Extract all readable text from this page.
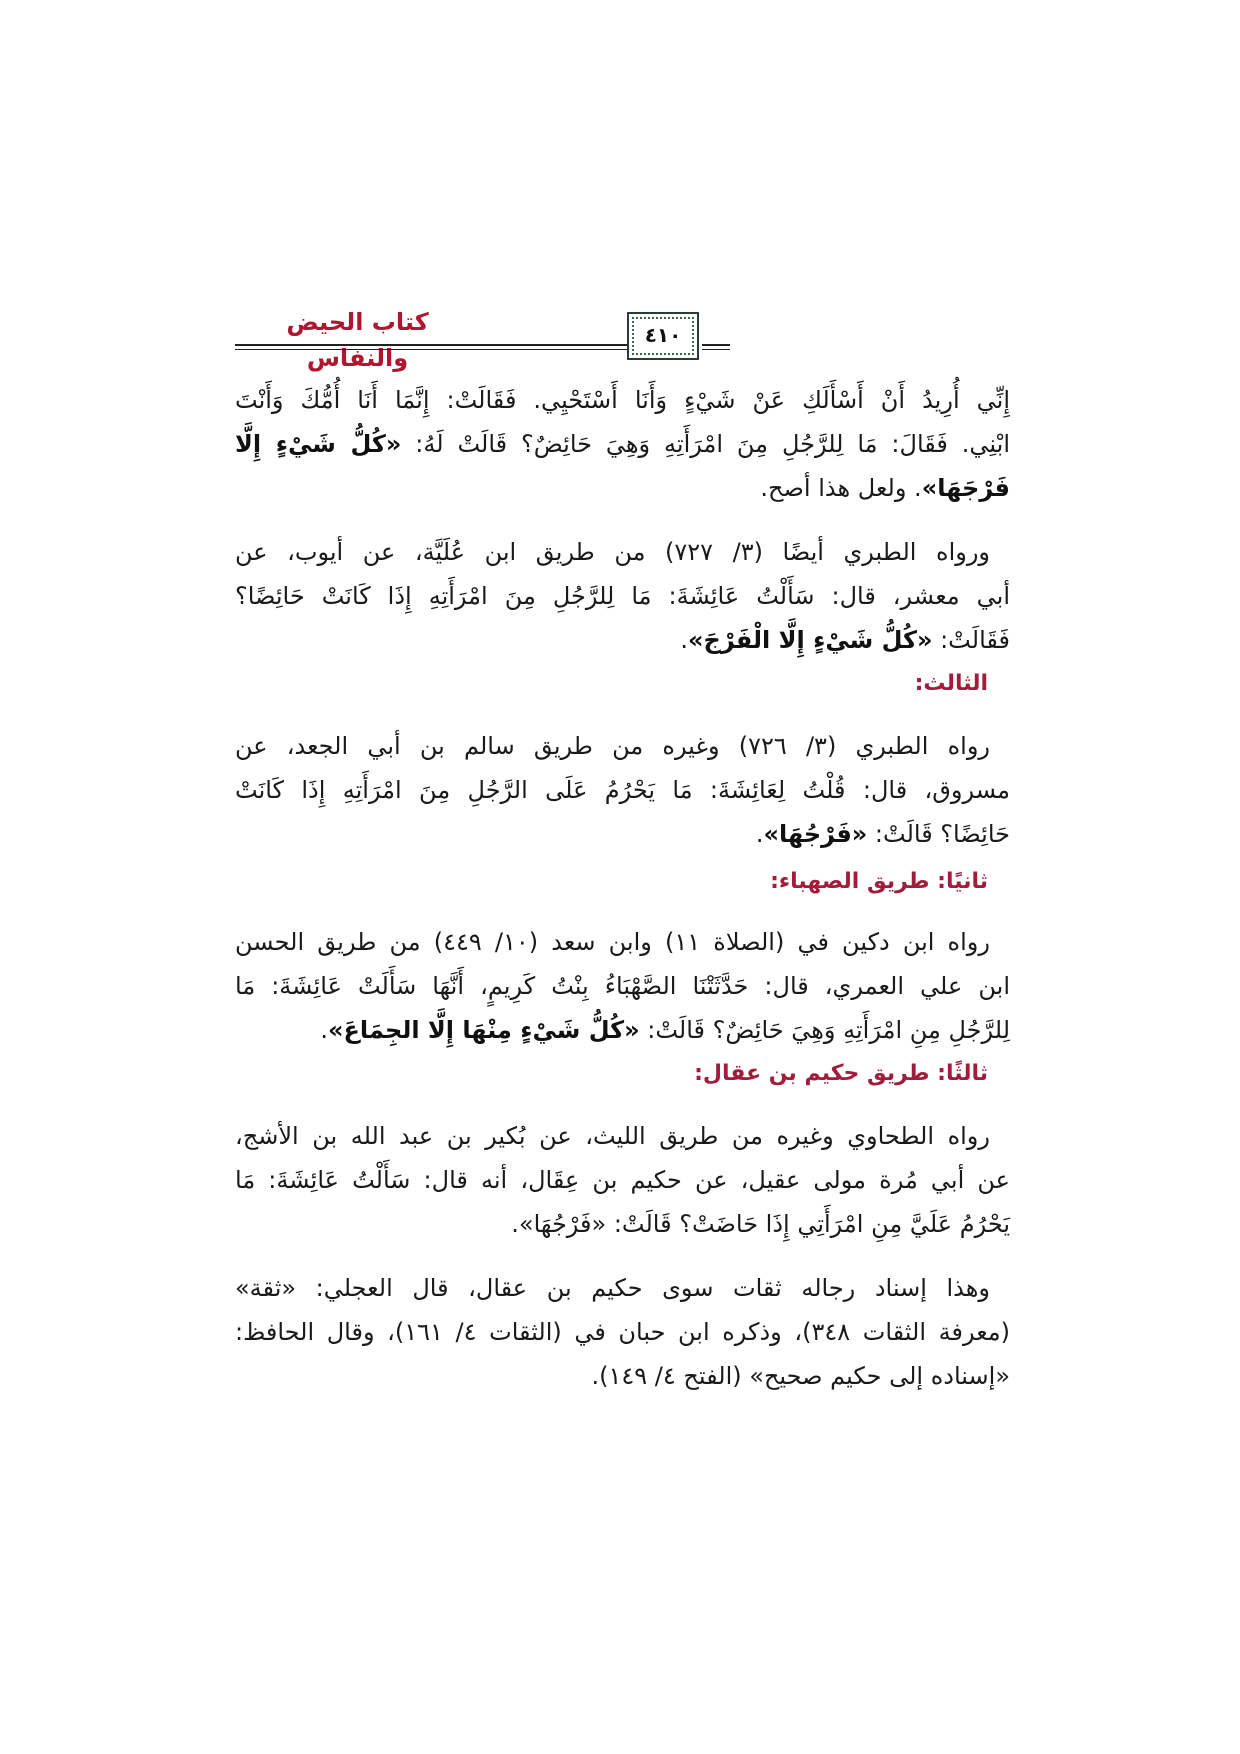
كتاب الحيض والنفاس
٤١٠
إِنِّي أُرِيدُ أَنْ أَسْأَلَكِ عَنْ شَيْءٍ وَأَنَا أَسْتَحْيِي. فَقَالَتْ: إِنَّمَا أَنَا أُمُّكَ وَأَنْتَ
ابْنِي. فَقَالَ: مَا لِلرَّجُلِ مِنَ امْرَأَتِهِ وَهِيَ حَائِضٌ؟ قَالَتْ لَهُ: «كُلُّ شَيْءٍ إِلَّا
فَرْجَهَا». ولعل هذا أصح.
ورواه الطبري أيضًا (٣/ ٧٢٧) من طريق ابن عُلَيَّة، عن أيوب، عن
أبي معشر، قال: سَأَلْتُ عَائِشَةَ: مَا لِلرَّجُلِ مِنَ امْرَأَتِهِ إِذَا كَانَتْ حَائِضًا؟
فَقَالَتْ: «كُلُّ شَيْءٍ إِلَّا الْفَرْجَ».
الثالث:
رواه الطبري (٣/ ٧٢٦) وغيره من طريق سالم بن أبي الجعد، عن
مسروق، قال: قُلْتُ لِعَائِشَةَ: مَا يَحْرُمُ عَلَى الرَّجُلِ مِنَ امْرَأَتِهِ إِذَا كَانَتْ
حَائِضًا؟ قَالَتْ: «فَرْجُهَا».
ثانيًا: طريق الصهباء:
رواه ابن دكين في (الصلاة ١١) وابن سعد (١٠/ ٤٤٩) من طريق الحسن
ابن علي العمري، قال: حَدَّثَتْنَا الصَّهْبَاءُ بِنْتُ كَرِيمٍ، أَنَّهَا سَأَلَتْ عَائِشَةَ: مَا
لِلرَّجُلِ مِنِ امْرَأَتِهِ وَهِيَ حَائِضٌ؟ قَالَتْ: «كُلُّ شَيْءٍ مِنْهَا إِلَّا الجِمَاعَ».
ثالثًا: طريق حكيم بن عقال:
رواه الطحاوي وغيره من طريق الليث، عن بُكير بن عبد الله بن الأشج،
عن أبي مُرة مولى عقيل، عن حكيم بن عِقَال، أنه قال: سَأَلْتُ عَائِشَةَ: مَا
يَحْرُمُ عَلَيَّ مِنِ امْرَأَتِي إِذَا حَاضَتْ؟ قَالَتْ: «فَرْجُهَا».
وهذا إسناد رجاله ثقات سوى حكيم بن عقال، قال العجلي: «ثقة»
(معرفة الثقات ٣٤٨)، وذكره ابن حبان في (الثقات ٤/ ١٦١)، وقال الحافظ:
«إسناده إلى حكيم صحيح» (الفتح ٤/ ١٤٩).
